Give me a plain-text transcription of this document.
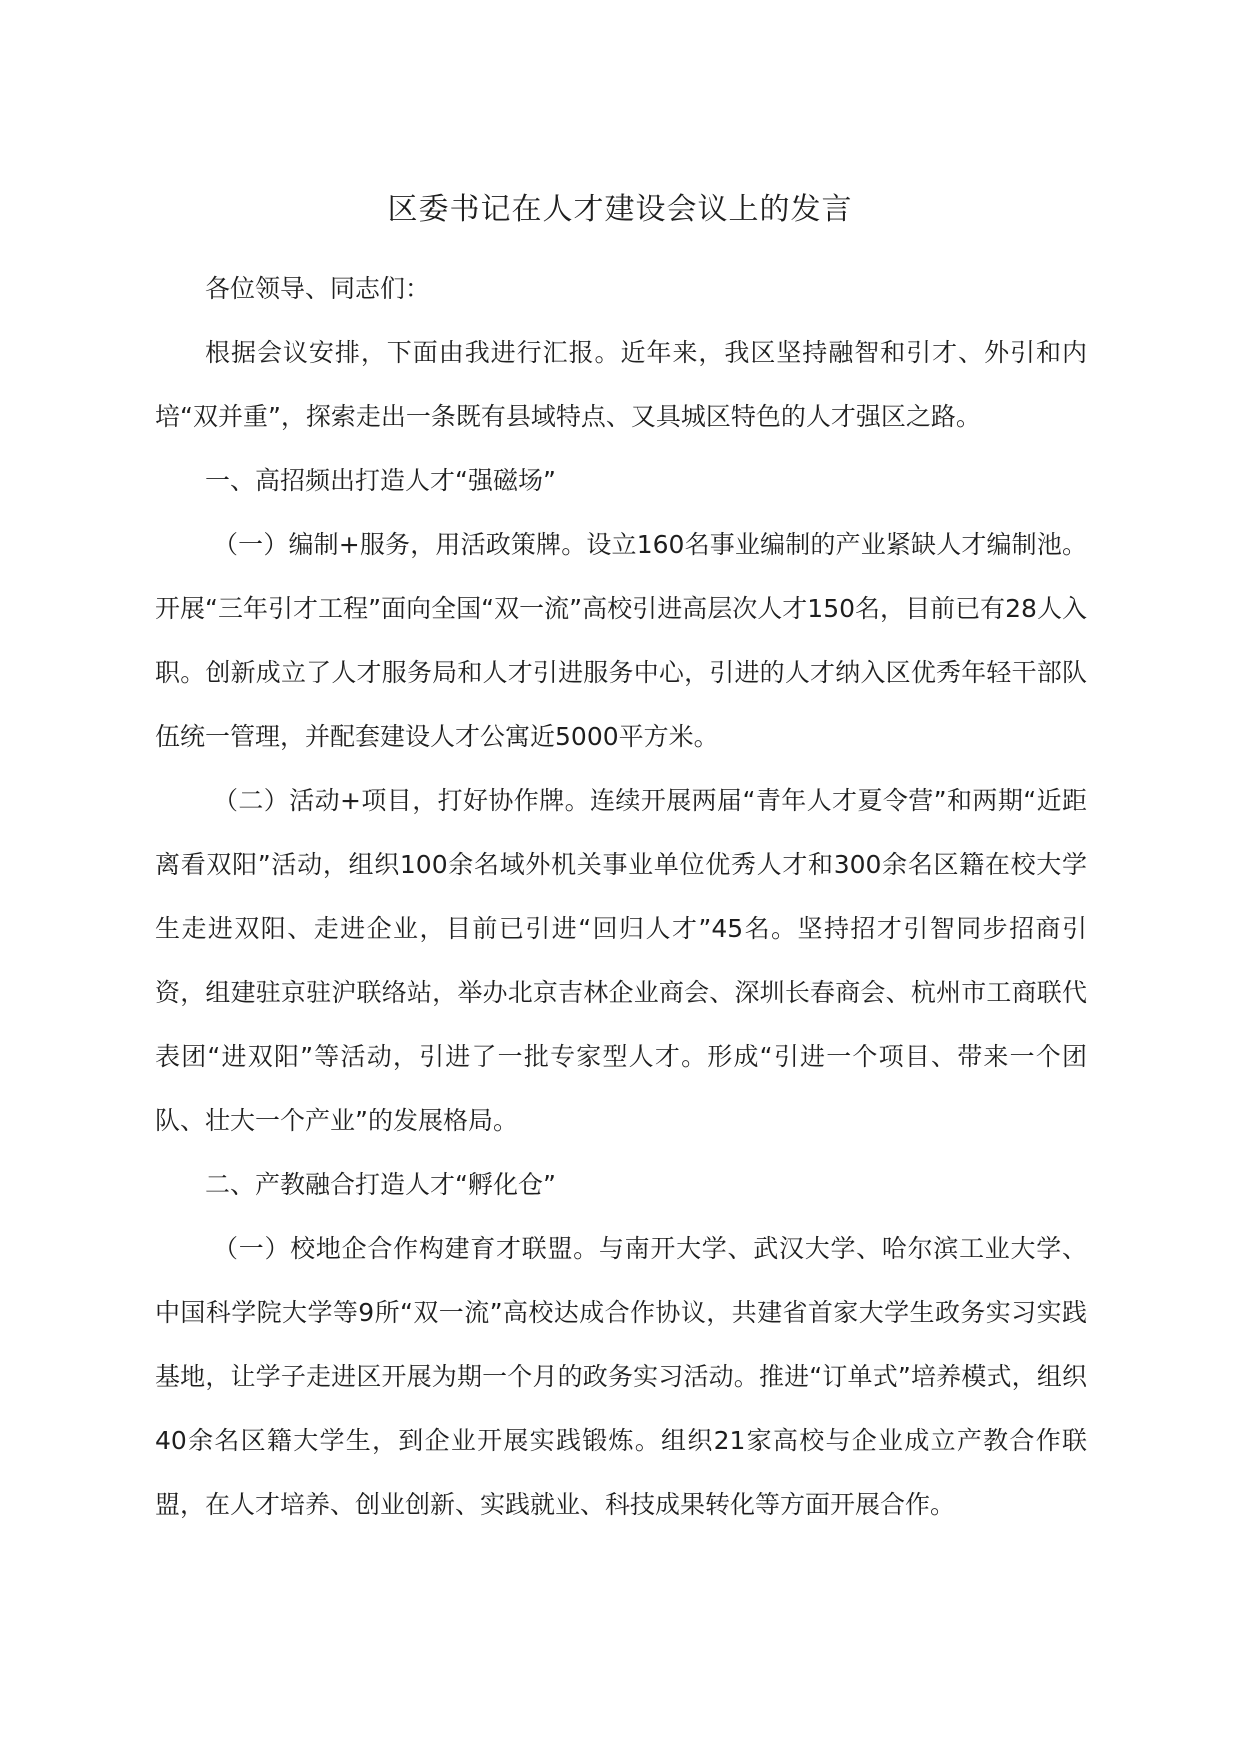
区委书记在人才建设会议上的发言

各位领导、同志们：

根据会议安排，下面由我进行汇报。近年来，我区坚持融智和引才、外引和内培“双并重”，探索走出一条既有县域特点、又具城区特色的人才强区之路。

一、高招频出打造人才“强磁场”

（一）编制+服务，用活政策牌。设立160名事业编制的产业紧缺人才编制池。开展“三年引才工程”面向全国“双一流”高校引进高层次人才150名，目前已有28人入职。创新成立了人才服务局和人才引进服务中心，引进的人才纳入区优秀年轻干部队伍统一管理，并配套建设人才公寓近5000平方米。

（二）活动+项目，打好协作牌。连续开展两届“青年人才夏令营”和两期“近距离看双阳”活动，组织100余名域外机关事业单位优秀人才和300余名区籍在校大学生走进双阳、走进企业，目前已引进“回归人才”45名。坚持招才引智同步招商引资，组建驻京驻沪联络站，举办北京吉林企业商会、深圳长春商会、杭州市工商联代表团“进双阳”等活动，引进了一批专家型人才。形成“引进一个项目、带来一个团队、壮大一个产业”的发展格局。

二、产教融合打造人才“孵化仓”

（一）校地企合作构建育才联盟。与南开大学、武汉大学、哈尔滨工业大学、中国科学院大学等9所“双一流”高校达成合作协议，共建省首家大学生政务实习实践基地，让学子走进区开展为期一个月的政务实习活动。推进“订单式”培养模式，组织40余名区籍大学生，到企业开展实践锻炼。组织21家高校与企业成立产教合作联盟，在人才培养、创业创新、实践就业、科技成果转化等方面开展合作。
